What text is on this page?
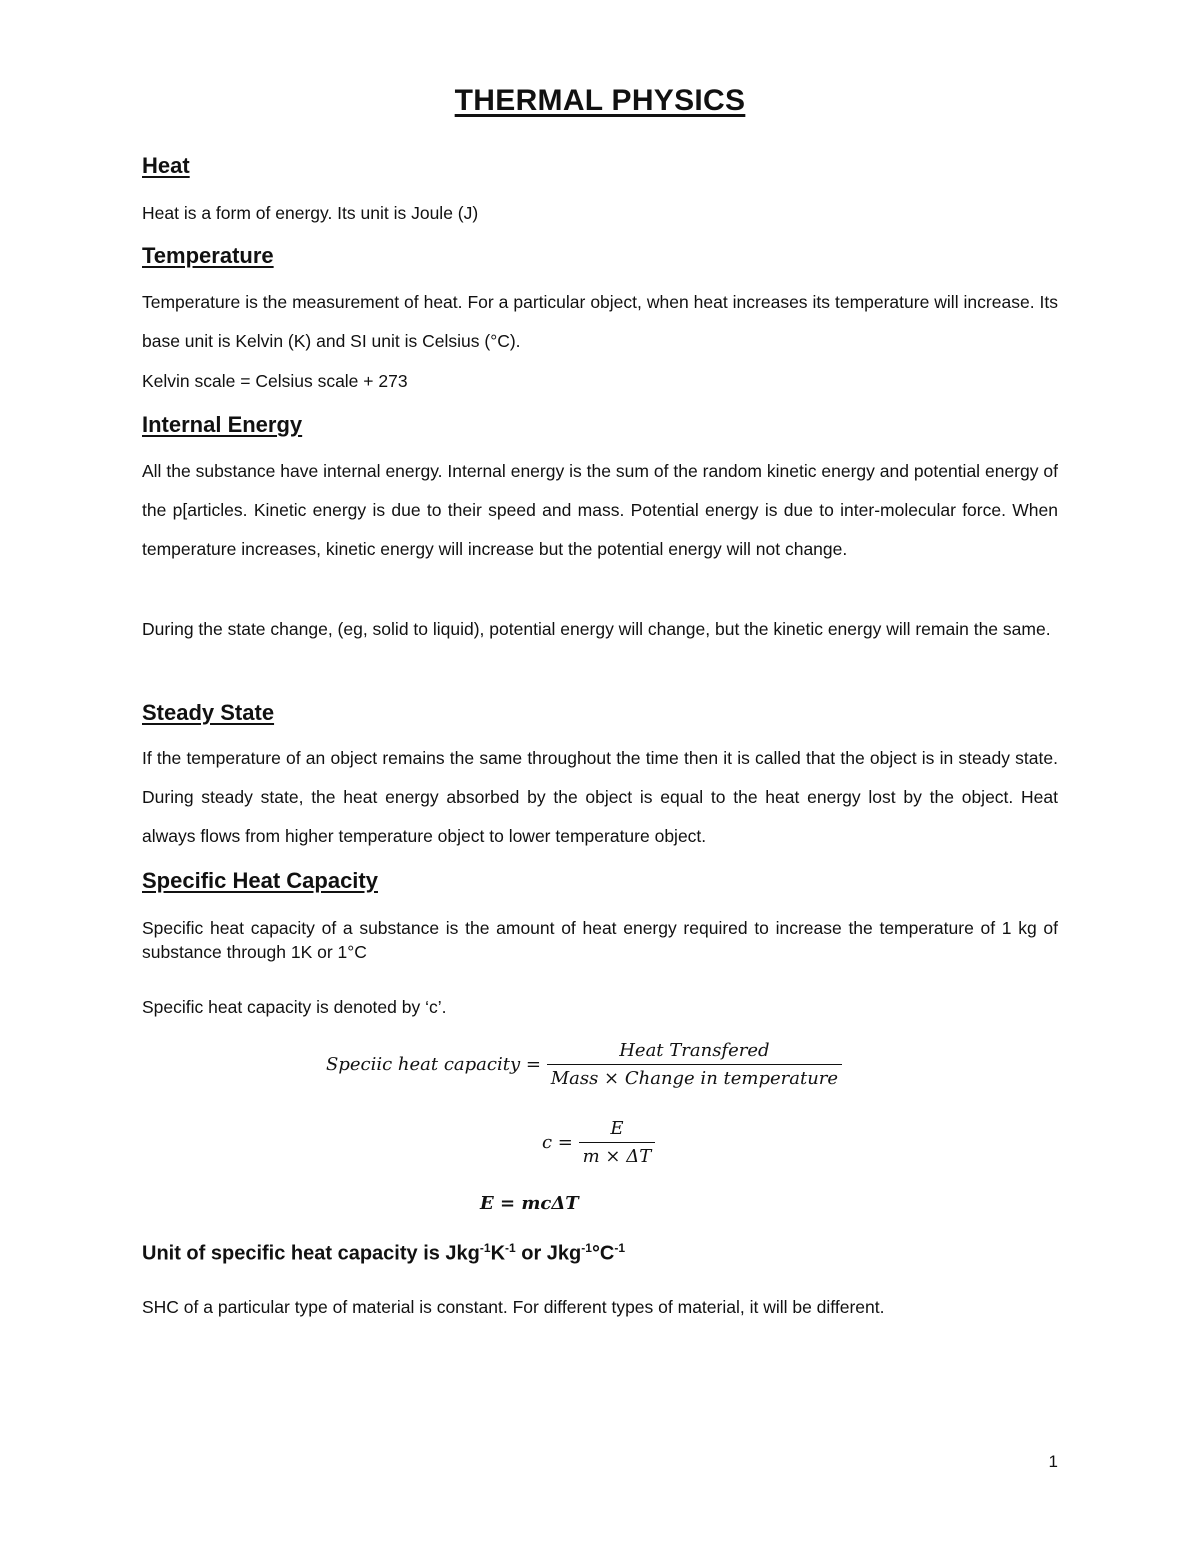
THERMAL PHYSICS
Heat
Heat is a form of energy. Its unit is Joule (J)
Temperature
Temperature is the measurement of heat. For a particular object, when heat increases its temperature will increase. Its base unit is Kelvin (K) and SI unit is Celsius (°C).
Kelvin scale = Celsius scale + 273
Internal Energy
All the substance have internal energy. Internal energy is the sum of the random kinetic energy and potential energy of the p[articles. Kinetic energy is due to their speed and mass. Potential energy is due to inter-molecular force. When temperature increases, kinetic energy will increase but the potential energy will not change.
During the state change, (eg, solid to liquid), potential energy will change, but the kinetic energy will remain the same.
Steady State
If the temperature of an object remains the same throughout the time then it is called that the object is in steady state. During steady state, the heat energy absorbed by the object is equal to the heat energy lost by the object. Heat always flows from higher temperature object to lower temperature object.
Specific Heat Capacity
Specific heat capacity of a substance is the amount of heat energy required to increase the temperature of 1 kg of substance through 1K or 1°C
Specific heat capacity is denoted by ‘c’.
Speciic heat capacity = $\frac{\text{Heat Transfered}}{\text{Mass × Change in temperature}}$
$c = \frac{E}{m \times \Delta T}$
E = mcΔT
Unit of specific heat capacity is $Jkg^{-1}K^{-1}$ or $Jkg^{-1}^\circ C^{-1}$
SHC of a particular type of material is constant. For different types of material, it will be different.
1
